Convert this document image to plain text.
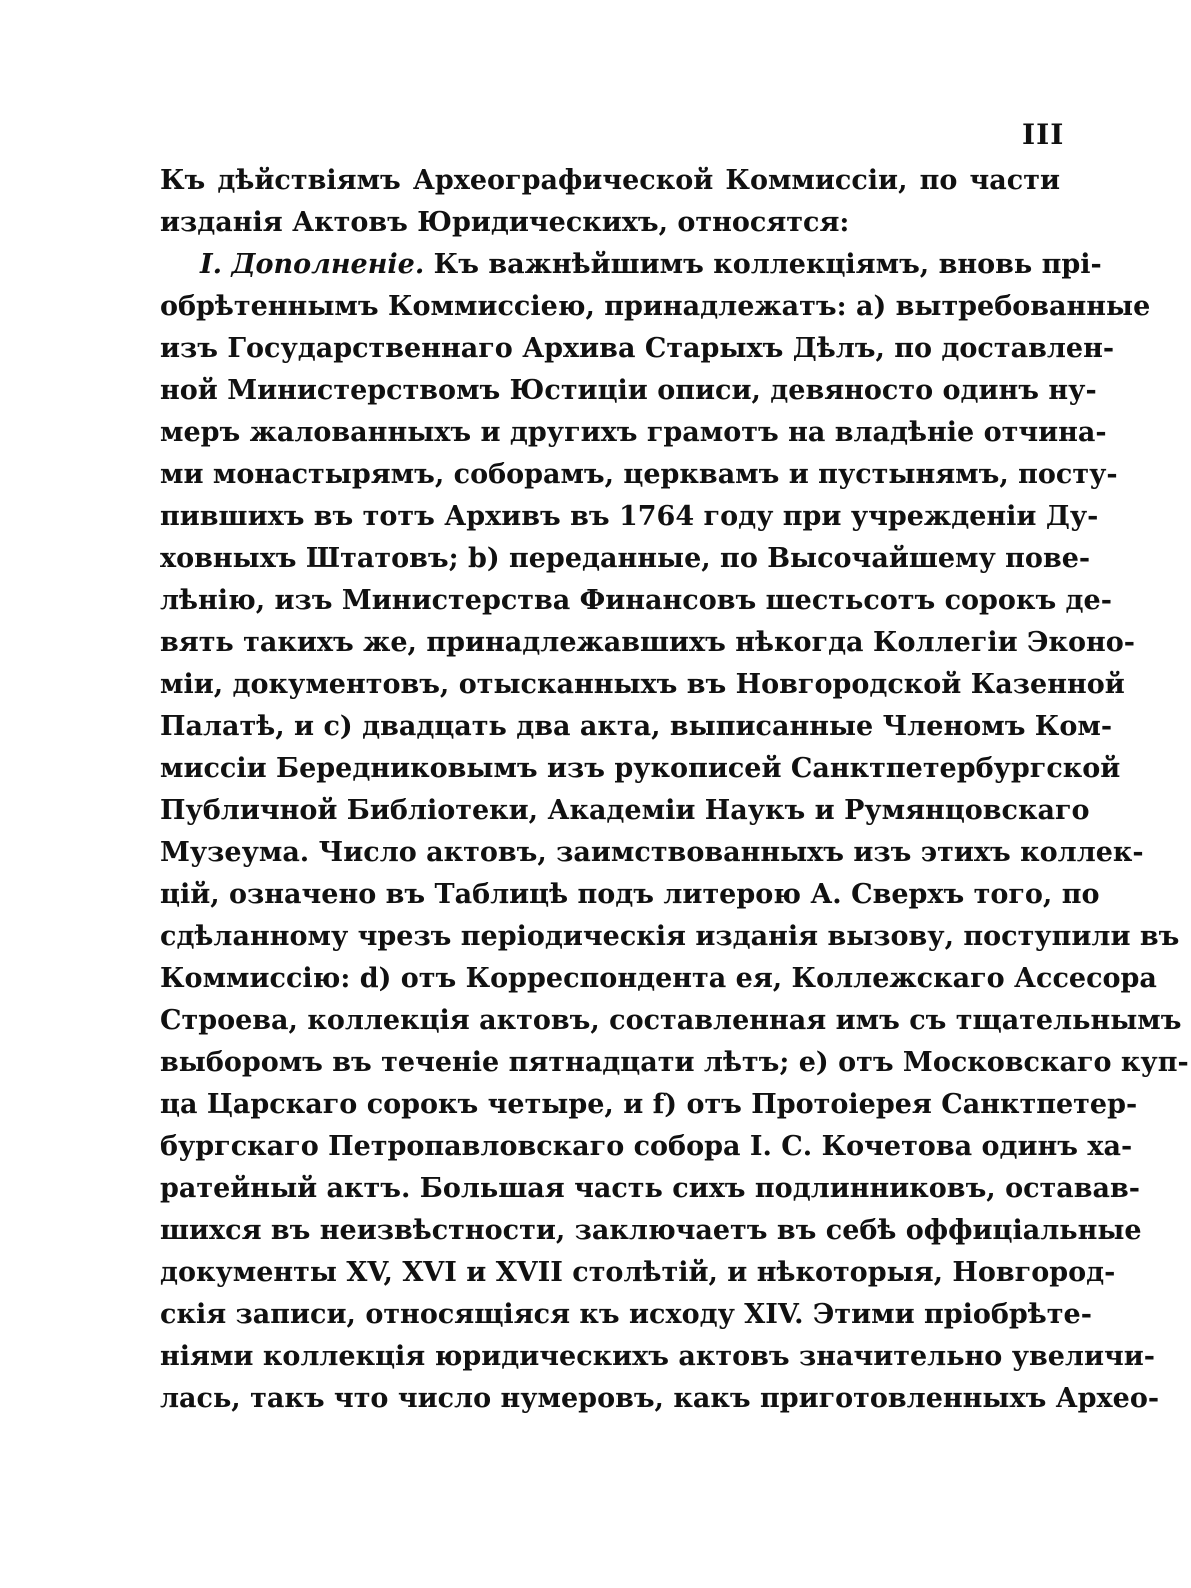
III
Къ дѣйствіямъ Археографической Коммиссіи, по части
изданія Актовъ Юридическихъ, относятся:
I. Дополненіе. Къ важнѣйшимъ коллекціямъ, вновь прі-
обрѣтеннымъ Коммиссіею, принадлежатъ: а) вытребованные
изъ Государственнаго Архива Старыхъ Дѣлъ, по доставлен-
ной Министерствомъ Юстиціи описи, девяносто одинъ ну-
меръ жалованныхъ и другихъ грамотъ на владѣніе отчина-
ми монастырямъ, соборамъ, церквамъ и пустынямъ, посту-
пившихъ въ тотъ Архивъ въ 1764 году при учрежденіи Ду-
ховныхъ Штатовъ; b) переданные, по Высочайшему пове-
лѣнію, изъ Министерства Финансовъ шестьсотъ сорокъ де-
вять такихъ же, принадлежавшихъ нѣкогда Коллегіи Эконо-
міи, документовъ, отысканныхъ въ Новгородской Казенной
Палатѣ, и с) двадцать два акта, выписанные Членомъ Ком-
миссіи Бередниковымъ изъ рукописей Санктпетербургской
Публичной Библіотеки, Академіи Наукъ и Румянцовскаго
Музеума. Число актовъ, заимствованныхъ изъ этихъ коллек-
цій, означено въ Таблицѣ подъ литерою А. Сверхъ того, по
сдѣланному чрезъ періодическія изданія вызову, поступили въ
Коммиссію: d) отъ Корреспондента ея, Коллежскаго Ассесора
Строева, коллекція актовъ, составленная имъ съ тщательнымъ
выборомъ въ теченіе пятнадцати лѣтъ; е) отъ Московскаго куп-
ца Царскаго сорокъ четыре, и f) отъ Протоіерея Санктпетер-
бургскаго Петропавловскаго собора І. С. Кочетова одинъ ха-
ратейный актъ. Большая часть сихъ подлинниковъ, оставав-
шихся въ неизвѣстности, заключаетъ въ себѣ оффиціальные
документы XV, XVI и XVII столѣтій, и нѣкоторыя, Новгород-
скія записи, относящіяся къ исходу XIV. Этими пріобрѣте-
ніями коллекція юридическихъ актовъ значительно увеличи-
лась, такъ что число нумеровъ, какъ приготовленныхъ Архео-
